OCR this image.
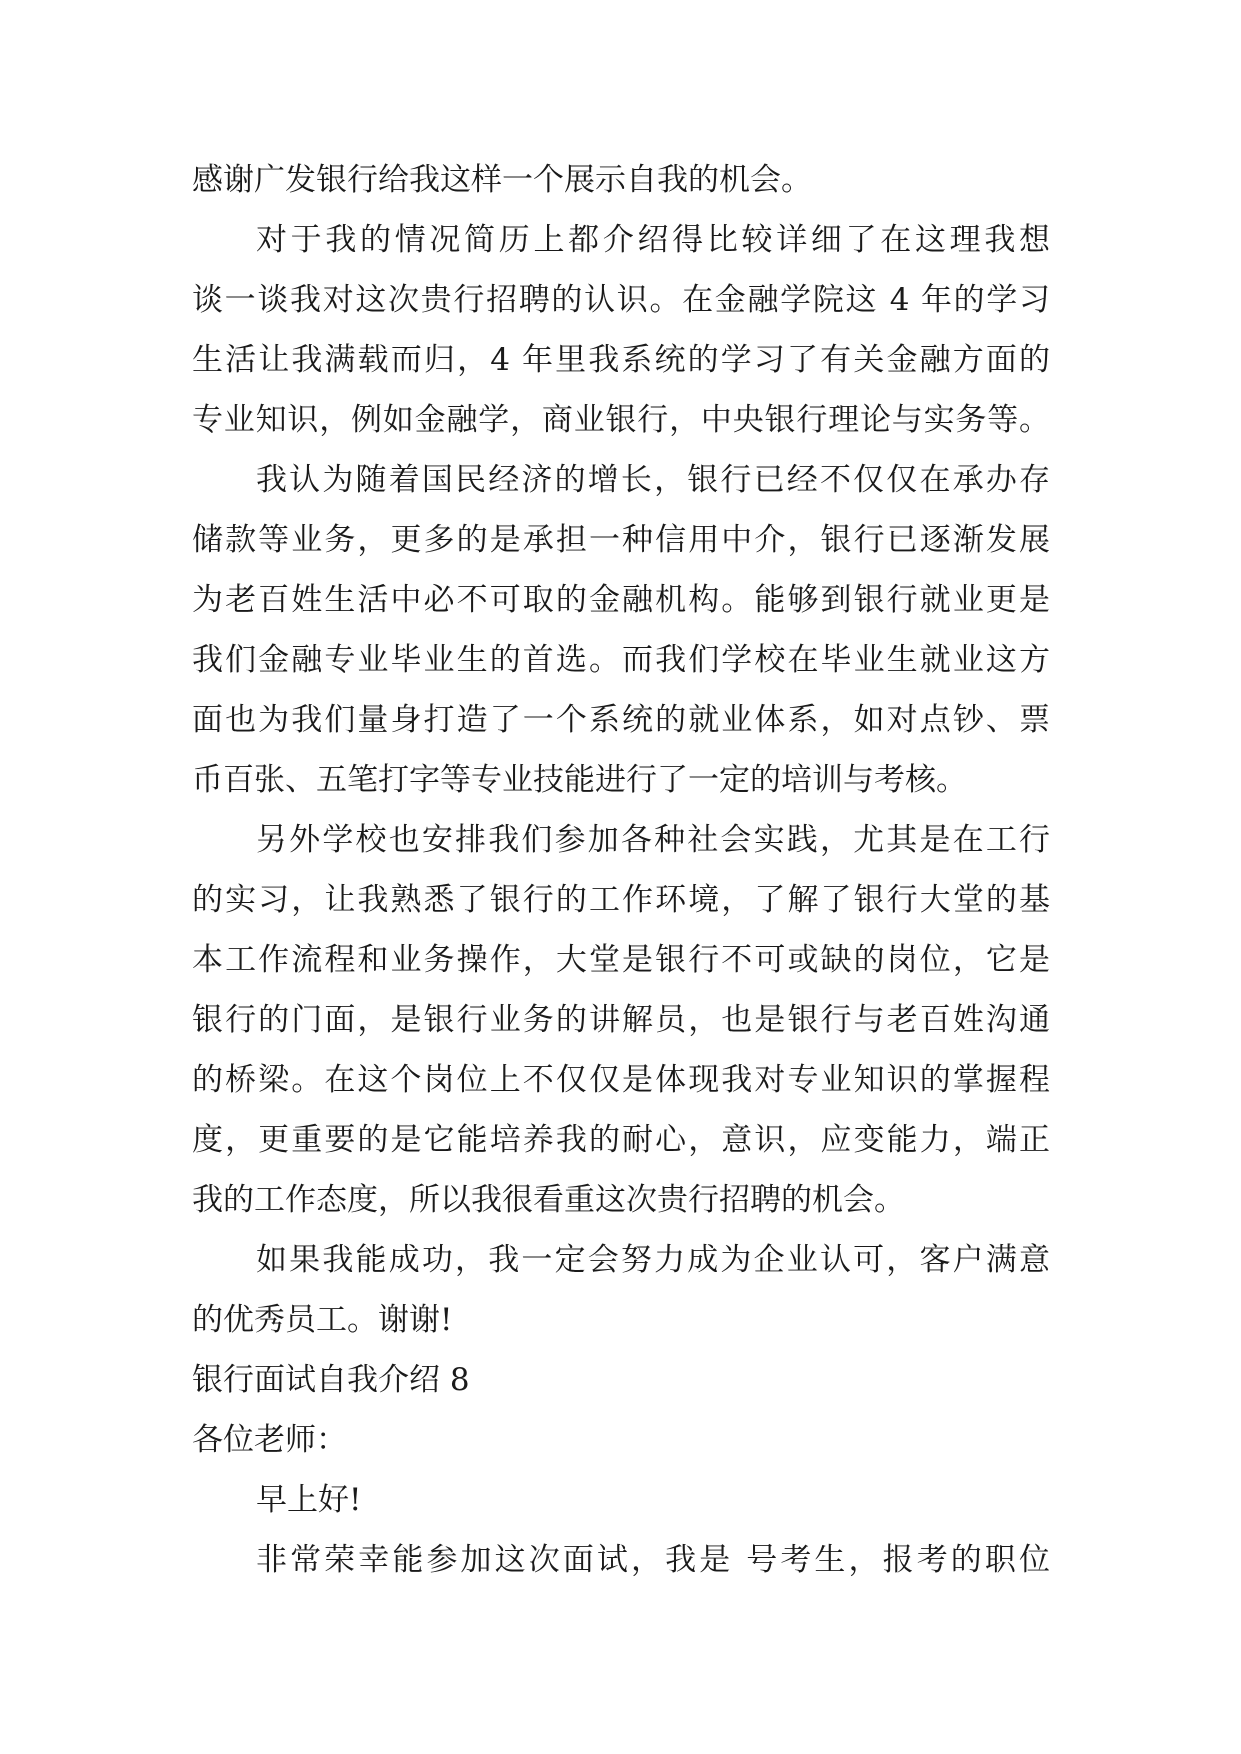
感谢广发银行给我这样一个展示自我的机会。
对于我的情况简历上都介绍得比较详细了在这理我想
谈一谈我对这次贵行招聘的认识。在金融学院这 4 年的学习
生活让我满载而归，4 年里我系统的学习了有关金融方面的
专业知识，例如金融学，商业银行，中央银行理论与实务等。
我认为随着国民经济的增长，银行已经不仅仅在承办存
储款等业务，更多的是承担一种信用中介，银行已逐渐发展
为老百姓生活中必不可取的金融机构。能够到银行就业更是
我们金融专业毕业生的首选。而我们学校在毕业生就业这方
面也为我们量身打造了一个系统的就业体系，如对点钞、票
币百张、五笔打字等专业技能进行了一定的培训与考核。
另外学校也安排我们参加各种社会实践，尤其是在工行
的实习，让我熟悉了银行的工作环境，了解了银行大堂的基
本工作流程和业务操作，大堂是银行不可或缺的岗位，它是
银行的门面，是银行业务的讲解员，也是银行与老百姓沟通
的桥梁。在这个岗位上不仅仅是体现我对专业知识的掌握程
度，更重要的是它能培养我的耐心，意识，应变能力，端正
我的工作态度，所以我很看重这次贵行招聘的机会。
如果我能成功，我一定会努力成为企业认可，客户满意
的优秀员工。谢谢!
银行面试自我介绍 8
各位老师：
早上好!
非常荣幸能参加这次面试，我是 号考生，报考的职位
